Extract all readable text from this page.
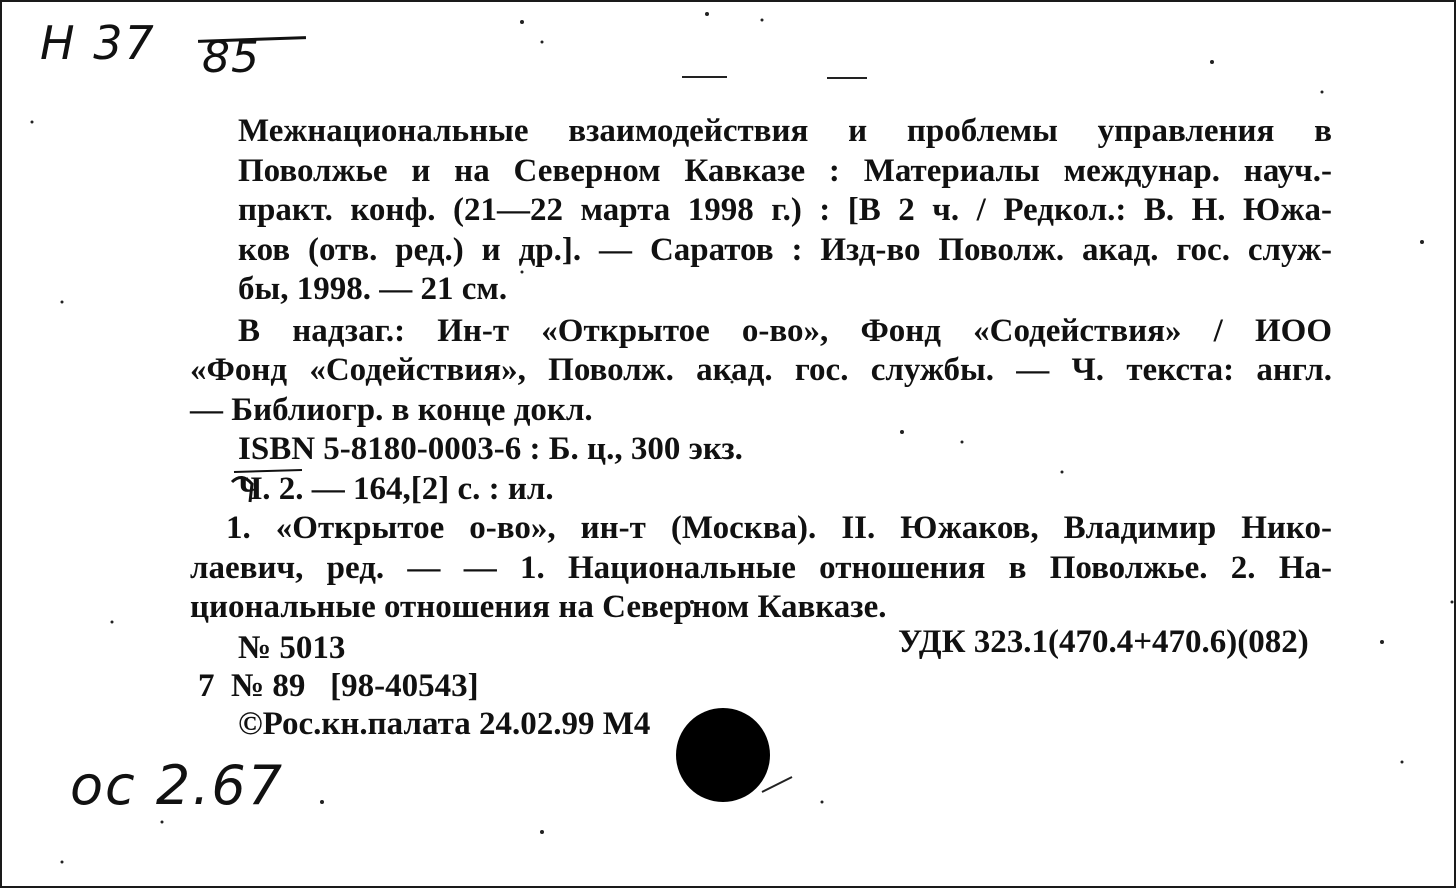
Н 37 85
Межнациональные взаимодействия и проблемы управления в
Поволжье и на Северном Кавказе : Материалы междунар. науч.-
практ. конф. (21—22 марта 1998 г.) : [В 2 ч. / Редкол.: В. Н. Южа-
ков (отв. ред.) и др.]. — Саратов : Изд-во Поволж. акад. гос. служ-
бы, 1998. — 21 см.
В надзаг.: Ин-т «Открытое о-во», Фонд «Содействия» / ИОО
«Фонд «Содействия», Поволж. акад. гос. службы. — Ч. текста: англ.
— Библиогр. в конце докл.
ISBN 5-8180-0003-6 : Б. ц., 300 экз.
Ч. 2. — 164,[2] с. : ил.
1. «Открытое о-во», ин-т (Москва). II. Южаков, Владимир Нико-
лаевич, ред. — — 1. Национальные отношения в Поволжье. 2. На-
циональные отношения на Северном Кавказе.
№ 5013	УДК 323.1(470.4+470.6)(082)
7  № 89   [98-40543]
©Рос.кн.палата 24.02.99 М4
ос 2.67
